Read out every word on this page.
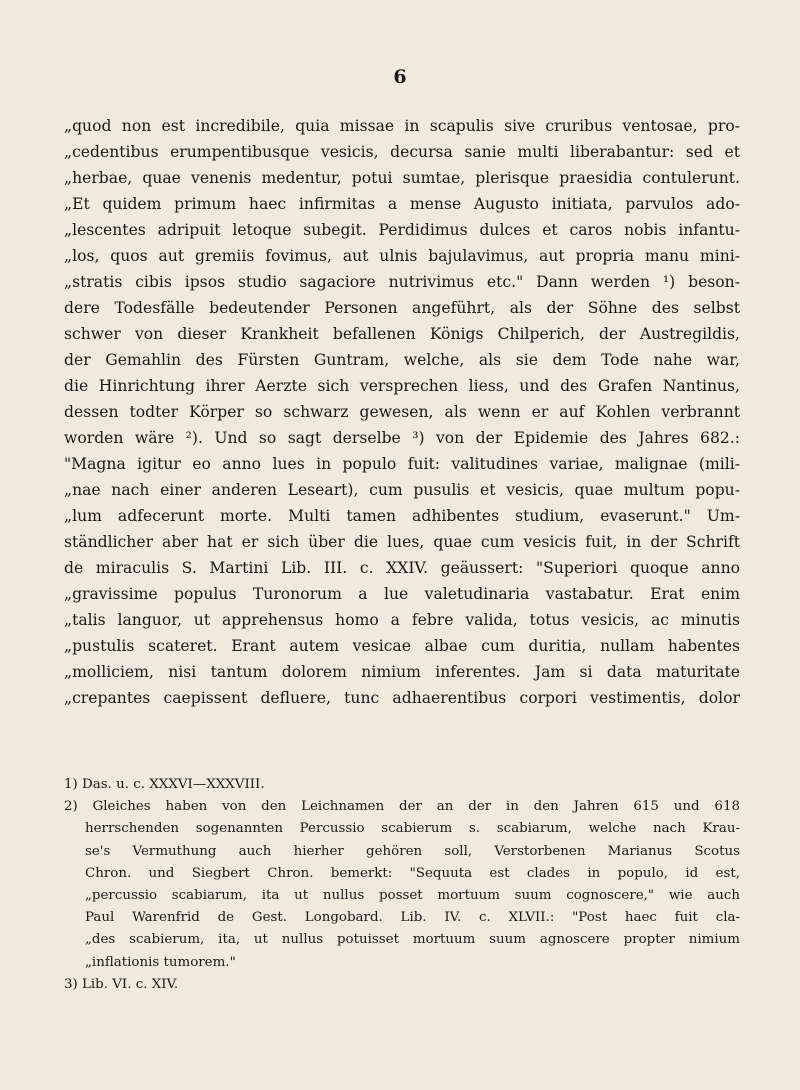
6
„quod non est incredibile, quia missae in scapulis sive cruribus ventosae, pro-
„cedentibus erumpentibusque vesicis, decursa sanie multi liberabantur: sed et
„herbae, quae venenis medentur, potui sumtae, plerisque praesidia contulerunt.
„Et quidem primum haec infirmitas a mense Augusto initiata, parvulos ado-
„lescentes adripuit letoque subegit. Perdidimus dulces et caros nobis infantu-
„los, quos aut gremiis fovimus, aut ulnis bajulavimus, aut propria manu mini-
„stratis cibis ipsos studio sagaciore nutrivimus etc." Dann werden ¹) beson-
dere Todesfälle bedeutender Personen angeführt, als der Söhne des selbst
schwer von dieser Krankheit befallenen Königs Chilperich, der Austregildis,
der Gemahlin des Fürsten Guntram, welche, als sie dem Tode nahe war,
die Hinrichtung ihrer Aerzte sich versprechen liess, und des Grafen Nantinus,
dessen todter Körper so schwarz gewesen, als wenn er auf Kohlen verbrannt
worden wäre ²). Und so sagt derselbe ³) von der Epidemie des Jahres 682.:
"Magna igitur eo anno lues in populo fuit: valitudines variae, malignae (mili-
„nae nach einer anderen Leseart), cum pusulis et vesicis, quae multum popu-
„lum adfecerunt morte. Multi tamen adhibentes studium, evaserunt." Um-
ständlicher aber hat er sich über die lues, quae cum vesicis fuit, in der Schrift
de miraculis S. Martini Lib. III. c. XXIV. geäussert: "Superiori quoque anno
„gravissime populus Turonorum a lue valetudinaria vastabatur. Erat enim
„talis languor, ut apprehensus homo a febre valida, totus vesicis, ac minutis
„pustulis scateret. Erant autem vesicae albae cum duritia, nullam habentes
„molliciem, nisi tantum dolorem nimium inferentes. Jam si data maturitate
„crepantes caepissent defluere, tunc adhaerentibus corpori vestimentis, dolor
1) Das. u. c. XXXVI—XXXVIII.
2) Gleiches haben von den Leichnamen der an der in den Jahren 615 und 618
herrschenden sogenannten Percussio scabierum s. scabiarum, welche nach Krau-
se's Vermuthung auch hierher gehören soll, Verstorbenen Marianus Scotus
Chron. und Siegbert Chron. bemerkt: "Sequuta est clades in populo, id est,
„percussio scabiarum, ita ut nullus posset mortuum suum cognoscere," wie auch
Paul Warenfrid de Gest. Longobard. Lib. IV. c. XLVII.: "Post haec fuit cla-
„des scabierum, ita, ut nullus potuisset mortuum suum agnoscere propter nimium
„inflationis tumorem."
3) Lib. VI. c. XIV.
